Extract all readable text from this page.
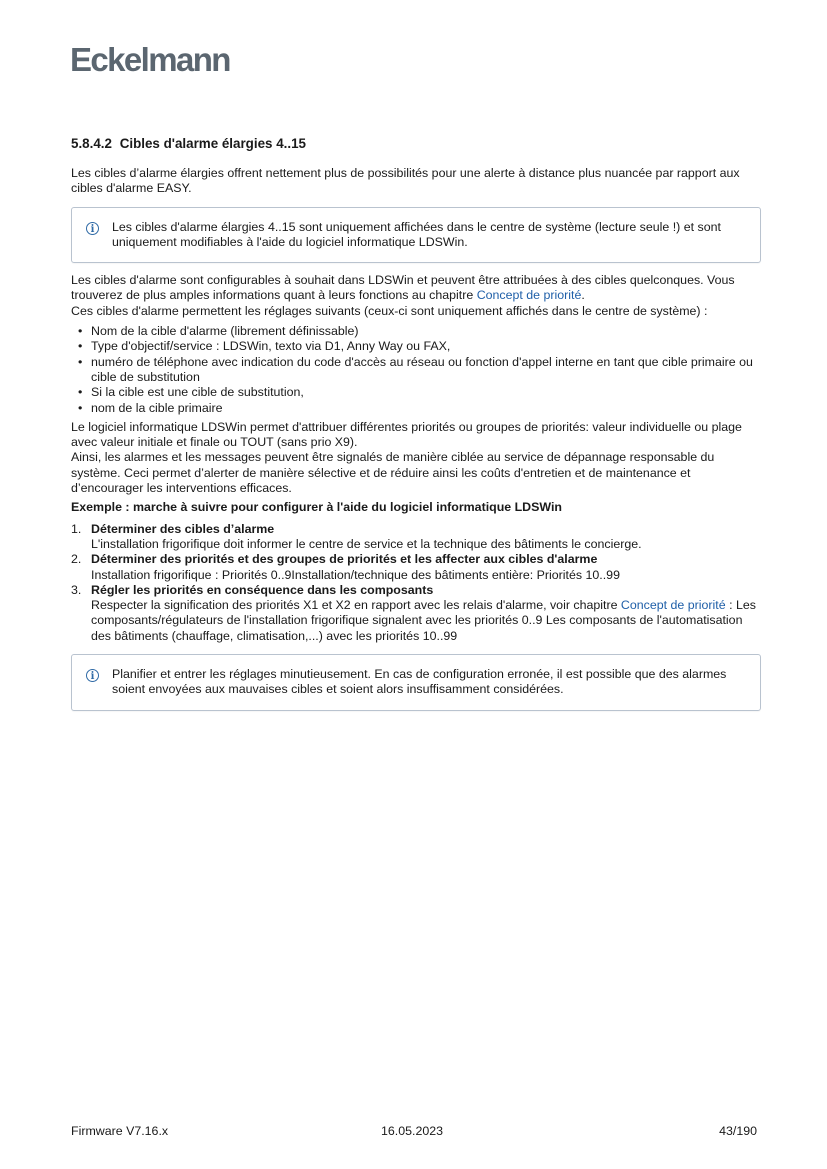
Eckelmann
5.8.4.2 Cibles d'alarme élargies 4..15

Les cibles d’alarme élargies offrent nettement plus de possibilités pour une alerte à distance plus nuancée par rapport aux cibles d'alarme EASY.

i	Les cibles d'alarme élargies 4..15 sont uniquement affichées dans le centre de système (lecture seule !) et sont uniquement modifiables à l'aide du logiciel informatique LDSWin.

Les cibles d'alarme sont configurables à souhait dans LDSWin et peuvent être attribuées à des cibles quelconques. Vous trouverez de plus amples informations quant à leurs fonctions au chapitre Concept de priorité.

Ces cibles d'alarme permettent les réglages suivants (ceux-ci sont uniquement affichés dans le centre de système) :

• Nom de la cible d'alarme (librement définissable)
• Type d'objectif/service : LDSWin, texto via D1, Anny Way ou FAX,
• numéro de téléphone avec indication du code d'accès au réseau ou fonction d'appel interne en tant que cible primaire ou cible de substitution
• Si la cible est une cible de substitution,
• nom de la cible primaire

Le logiciel informatique LDSWin permet d'attribuer différentes priorités ou groupes de priorités: valeur individuelle ou plage avec valeur initiale et finale ou TOUT (sans prio X9).

Ainsi, les alarmes et les messages peuvent être signalés de manière ciblée au service de dépannage responsable du système. Ceci permet d’alerter de manière sélective et de réduire ainsi les coûts d'entretien et de maintenance et d’encourager les interventions efficaces.

Exemple : marche à suivre pour configurer à l'aide du logiciel informatique LDSWin

1. Déterminer des cibles d’alarme
L'installation frigorifique doit informer le centre de service et la technique des bâtiments le concierge.
2. Déterminer des priorités et des groupes de priorités et les affecter aux cibles d'alarme
Installation frigorifique : Priorités 0..9Installation/technique des bâtiments entière: Priorités 10..99
3. Régler les priorités en conséquence dans les composants
Respecter la signification des priorités X1 et X2 en rapport avec les relais d'alarme, voir chapitre Concept de priorité : Les composants/régulateurs de l'installation frigorifique signalent avec les priorités 0..9 Les composants de l'automatisation des bâtiments (chauffage, climatisation,...) avec les priorités 10..99
i	Planifier et entrer les réglages minutieusement. En cas de configuration erronée, il est possible que des alarmes soient envoyées aux mauvaises cibles et soient alors insuffisamment considérées.
Firmware V7.16.x	16.05.2023	43/190
